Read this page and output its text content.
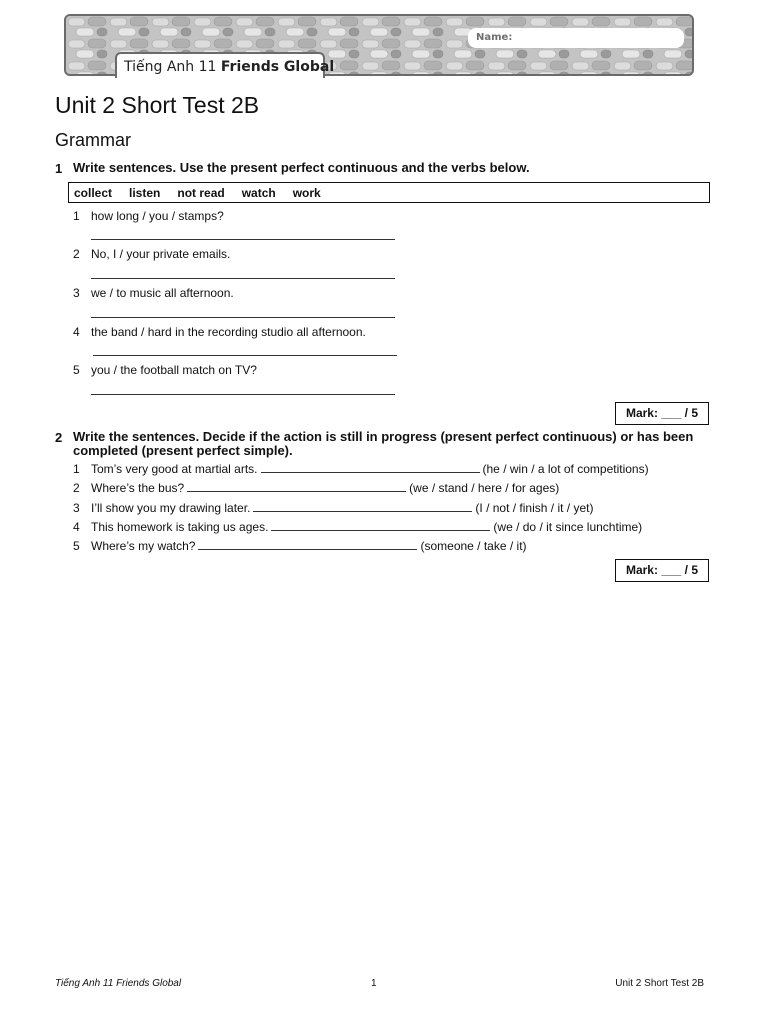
Name:
Tiếng Anh 11 Friends Global
Unit 2 Short Test 2B
Grammar
1 Write sentences. Use the present perfect continuous and the verbs below.
collect listen not read watch work
1 how long / you / stamps?
2 No, I / your private emails.
3 we / to music all afternoon.
4 the band / hard in the recording studio all afternoon.
5 you / the football match on TV?
Mark: ___ / 5
2 Write the sentences. Decide if the action is still in progress (present perfect continuous) or has been completed (present perfect simple).
1 Tom’s very good at martial arts.	(he / win / a lot of competitions)
2 Where’s the bus?	(we / stand / here / for ages)
3 I’ll show you my drawing later.	(I / not / finish / it / yet)
4 This homework is taking us ages.	(we / do / it since lunchtime)
5 Where’s my watch?	(someone / take / it)
Mark: ___ / 5
Tiếng Anh 11 Friends Global	1	Unit 2 Short Test 2B
